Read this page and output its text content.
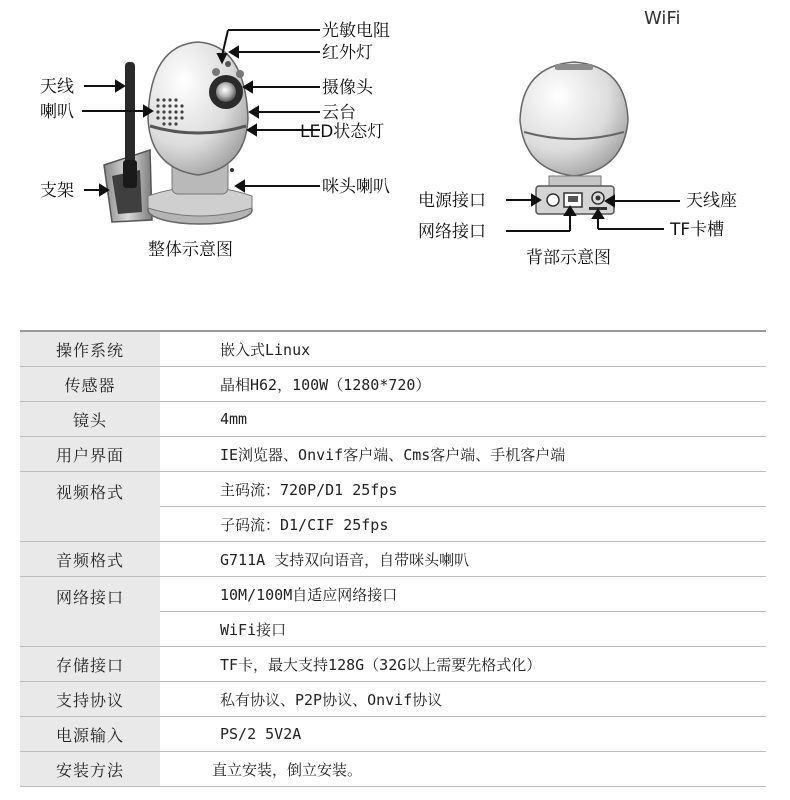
光敏电阻
红外灯
摄像头
云台
LED状态灯
咪头喇叭
天线
喇叭
支架
整体示意图
WiFi
电源接口
网络接口
天线座
TF卡槽
背部示意图
操作系统	嵌入式Linux
传感器	晶相H62，100W（1280*720）
镜头	4mm
用户界面	IE浏览器、Onvif客户端、Cms客户端、手机客户端
视频格式	主码流：720P/D1 25fps
	子码流：D1/CIF 25fps
音频格式	G711A 支持双向语音，自带咪头喇叭
网络接口	10M/100M自适应网络接口
	WiFi接口
存储接口	TF卡，最大支持128G（32G以上需要先格式化）
支持协议	私有协议、P2P协议、Onvif协议
电源输入	PS/2 5V2A
安装方法	直立安装，倒立安装。
